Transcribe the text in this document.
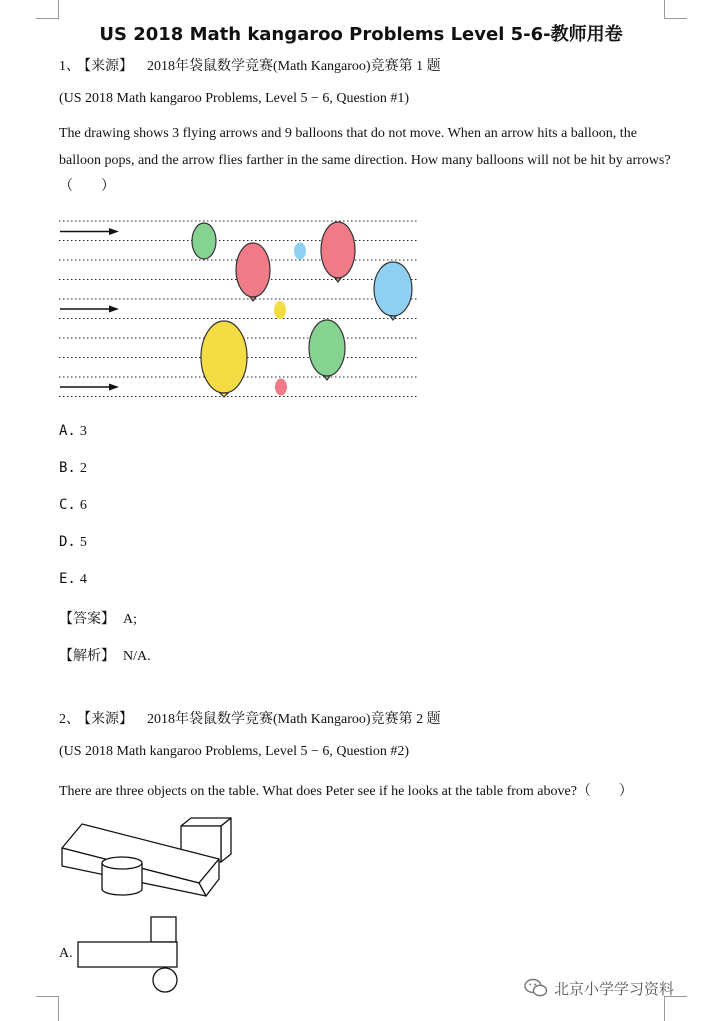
US 2018 Math kangaroo Problems Level 5-6-教师用卷
1、 【来源】 2018年袋鼠数学竞赛(Math Kangaroo)竞赛第 1 题
(US 2018 Math kangaroo Problems, Level 5 − 6, Question #1)
The drawing shows 3 flying arrows and 9 balloons that do not move. When an arrow hits a balloon, the balloon pops, and the arrow flies farther in the same direction. How many balloons will not be hit by arrows?（　　）
A. 3
B. 2
C. 6
D. 5
E. 4
【答案】 A;
【解析】 N/A.
2、 【来源】 2018年袋鼠数学竞赛(Math Kangaroo)竞赛第 2 题
(US 2018 Math kangaroo Problems, Level 5 − 6, Question #2)
There are three objects on the table. What does Peter see if he looks at the table from above?（　　）
A.
北京小学学习资料
